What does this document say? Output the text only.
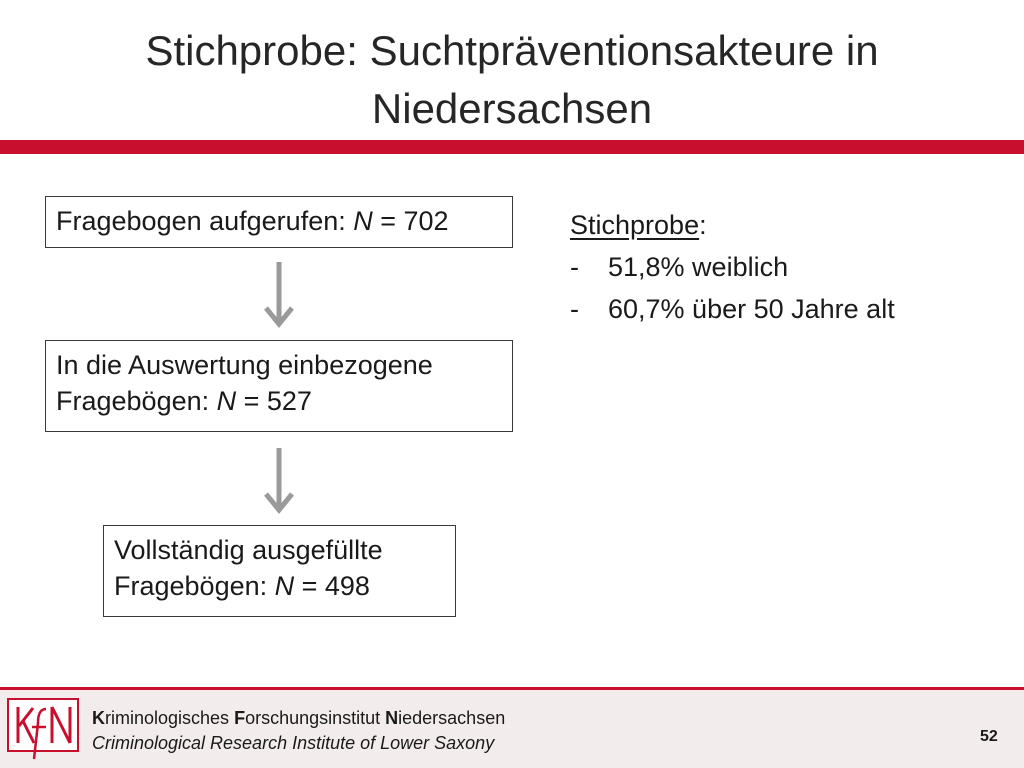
Stichprobe: Suchtpräventionsakteure in Niedersachsen
Fragebogen aufgerufen: N = 702
In die Auswertung einbezogene
Fragebögen: N = 527
Vollständig ausgefüllte
Fragebögen: N = 498
Stichprobe:
-	51,8% weiblich
-	60,7% über 50 Jahre alt
Kriminologisches Forschungsinstitut Niedersachsen
Criminological Research Institute of Lower Saxony	52
